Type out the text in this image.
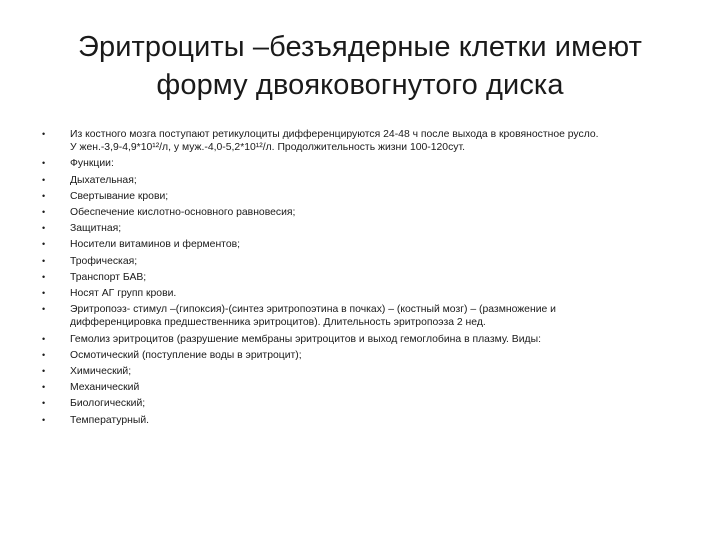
Эритроциты –безъядерные клетки имеют форму двояковогнутого диска
• Из костного мозга поступают ретикулоциты дифференцируются 24-48 ч после выхода в кровяностное русло.
У жен.-3,9-4,9*10¹²/л, у муж.-4,0-5,2*10¹²/л. Продолжительность жизни 100-120сут.
• Функции:
• Дыхательная;
• Свертывание крови;
• Обеспечение кислотно-основного равновесия;
• Защитная;
• Носители витаминов и ферментов;
• Трофическая;
• Транспорт БАВ;
• Носят АГ групп крови.
• Эритропоэз- стимул –(гипоксия)-(синтез эритропоэтина в почках) – (костный мозг) – (размножение и
дифференцировка предшественника эритроцитов). Длительность эритропоэза 2 нед.
• Гемолиз эритроцитов (разрушение мембраны эритроцитов и выход гемоглобина в плазму. Виды:
• Осмотический (поступление воды в эритроцит);
• Химический;
• Механический
• Биологический;
• Температурный.
